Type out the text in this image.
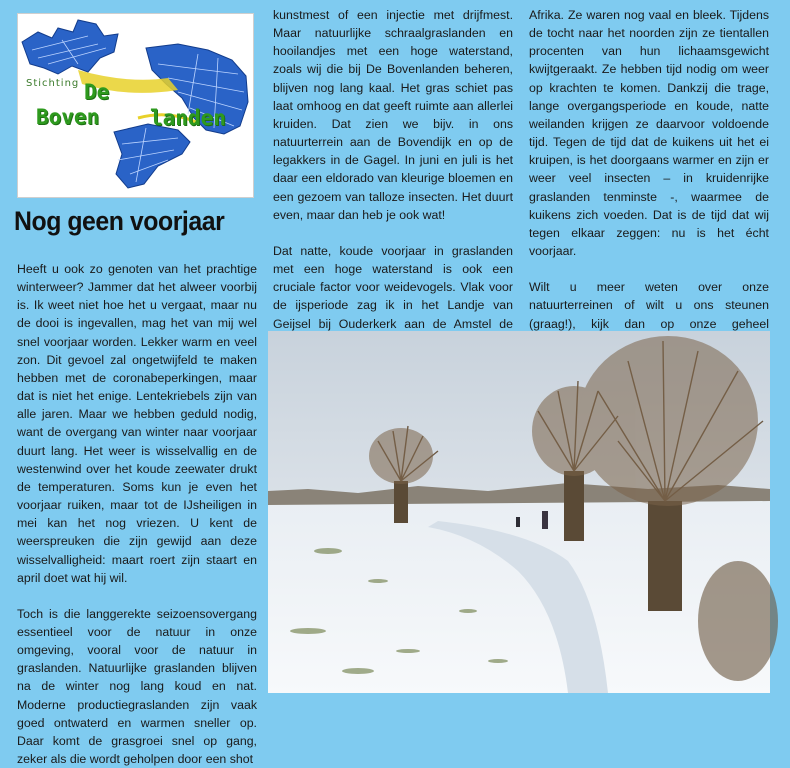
Stichting De
Boven landen
Nog geen voorjaar

Heeft u ook zo genoten van het prachtige winterweer? Jammer dat het alweer voorbij is. Ik weet niet hoe het u vergaat, maar nu de dooi is ingevallen, mag het van mij wel snel voorjaar worden. Lekker warm en veel zon. Dit gevoel zal ongetwijfeld te maken hebben met de coronabeperkingen, maar dat is niet het enige. Lentekriebels zijn van alle jaren. Maar we hebben geduld nodig, want de overgang van winter naar voorjaar duurt lang. Het weer is wisselvallig en de westenwind over het koude zeewater drukt de temperaturen. Soms kun je even het voorjaar ruiken, maar tot de IJsheiligen in mei kan het nog vriezen. U kent de weerspreuken die zijn gewijd aan deze wisselvalligheid: maart roert zijn staart en april doet wat hij wil.

Toch is die langgerekte seizoensovergang essentieel voor de natuur in onze omgeving, vooral voor de natuur in graslanden. Natuurlijke graslanden blijven na de winter nog lang koud en nat. Moderne productiegraslanden zijn vaak goed ontwaterd en warmen sneller op. Daar komt de grasgroei snel op gang, zeker als die wordt geholpen door een shot

kunstmest of een injectie met drijfmest. Maar natuurlijke schraalgraslanden en hooilandjes met een hoge waterstand, zoals wij die bij De Bovenlanden beheren, blijven nog lang kaal. Het gras schiet pas laat omhoog en dat geeft ruimte aan allerlei kruiden. Dat zien we bijv. in ons natuurterrein aan de Bovendijk en op de legakkers in de Gagel. In juni en juli is het daar een eldorado van kleurige bloemen en een gezoem van talloze insecten. Het duurt even, maar dan heb je ook wat!

Dat natte, koude voorjaar in graslanden met een hoge waterstand is ook een cruciale factor voor weidevogels. Vlak voor de ijsperiode zag ik in het Landje van Geijsel bij Ouderkerk aan de Amstel de

Afrika. Ze waren nog vaal en bleek. Tijdens de tocht naar het noorden zijn ze tientallen procenten van hun lichaamsgewicht kwijtgeraakt. Ze hebben tijd nodig om weer op krachten te komen. Dankzij die trage, lange overgangsperiode en koude, natte weilanden krijgen ze daarvoor voldoende tijd. Tegen de tijd dat de kuikens uit het ei kruipen, is het doorgaans warmer en zijn er weer veel insecten – in kruidenrijke graslanden tenminste -, waarmee de kuikens zich voeden. Dat is de tijd dat wij tegen elkaar zeggen: nu is het écht voorjaar.

Wilt u meer weten over onze natuurterreinen of wilt u ons steunen (graag!), kijk dan op onze geheel
